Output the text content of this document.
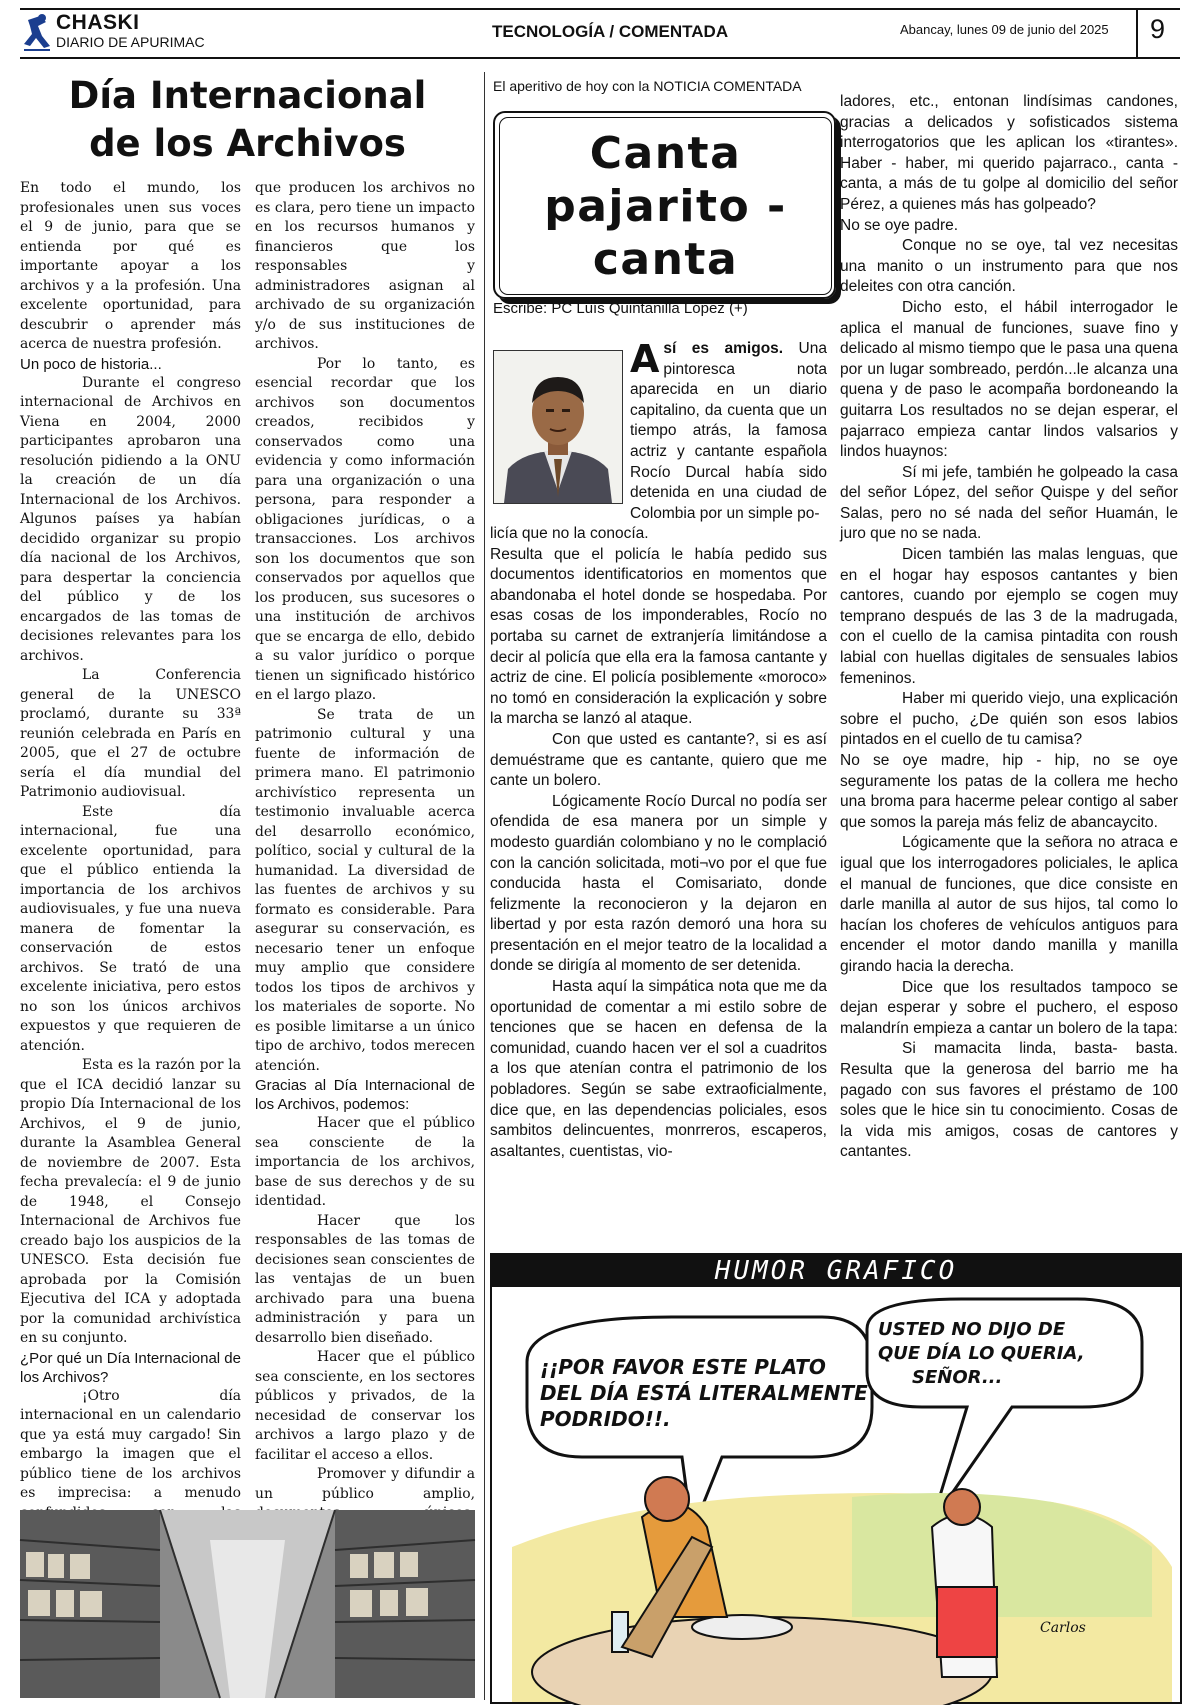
CHASKI
DIARIO DE APURIMAC
TECNOLOGÍA / COMENTADA	Abancay, lunes 09 de junio del 2025 9
Día Internacional
de los Archivos

En todo el mundo, los profesionales unen sus voces el 9 de junio, para que se entienda por qué es importante apoyar a los archivos y a la profesión. Una excelente oportunidad, para descubrir o aprender más acerca de nuestra profesión.

Un poco de historia...

Durante el congreso internacional de Archivos en Viena en 2004, 2000 participantes aprobaron una resolución pidiendo a la ONU la creación de un día Internacional de los Archivos. Algunos países ya habían decidido organizar su propio día nacional de los Archivos, para despertar la conciencia del público y de los encargados de las tomas de decisiones relevantes para los archivos.

La Conferencia general de la UNESCO proclamó, durante su 33ª reunión celebrada en París en 2005, que el 27 de octubre sería el día mundial del Patrimonio audiovisual.

Este día internacional, fue una excelente oportunidad, para que el público entienda la importancia de los archivos audiovisuales, y fue una nueva manera de fomentar la conservación de estos archivos. Se trató de una excelente iniciativa, pero estos no son los únicos archivos expuestos y que requieren de atención.

Esta es la razón por la que el ICA decidió lanzar su propio Día Internacional de los Archivos, el 9 de junio, durante la Asamblea General de noviembre de 2007. Esta fecha prevalecía: el 9 de junio de 1948, el Consejo Internacional de Archivos fue creado bajo los auspicios de la UNESCO. Esta decisión fue aprobada por la Comisión Ejecutiva del ICA y adoptada por la comunidad archivística en su conjunto.

¿Por qué un Día Internacional de los Archivos?

¡Otro día internacional en un calendario que ya está muy cargado! Sin embargo la imagen que el público tiene de los archivos es imprecisa: a menudo

que producen los archivos no es clara, pero tiene un impacto en los recursos humanos y financieros que los responsables y administradores asignan al archivado de su organización y/o de sus instituciones de archivos.

Por lo tanto, es esencial recordar que los archivos son documentos creados, recibidos y conservados como una evidencia y como información para una organización o una persona, para responder a obligaciones jurídicas, o a transacciones. Los archivos son los documentos que son conservados por aquellos que los producen, sus sucesores o una institución de archivos que se encarga de ello, debido a su valor jurídico o porque tienen un significado histórico en el largo plazo.

Se trata de un patrimonio cultural y una fuente de información de primera mano. El patrimonio archivístico representa un testimonio invaluable acerca del desarrollo económico, político, social y cultural de la humanidad. La diversidad de las fuentes de archivos y su formato es considerable. Para asegurar su conservación, es necesario tener un enfoque muy amplio que considere todos los tipos de archivos y los materiales de soporte. No es posible limitarse a un único tipo de archivo, todos merecen atención.

Gracias al Día Internacional de los Archivos, podemos:

Hacer que el público sea consciente de la importancia de los archivos, base de sus derechos y de su identidad.

Hacer que los responsables de las tomas de decisiones sean conscientes de las ventajas de un buen archivado para una buena administración y para un desarrollo bien diseñado.

Hacer que el público sea consciente, en los sectores públicos y privados, de la necesidad de conservar los archivos a largo plazo y de facilitar el acceso a ellos.

Promover y difundir a un público amplio,

El aperitivo de hoy con la NOTICIA COMENTADA
Canta
pajarito -
canta
Escribe: PC Luís Quintanilla López (+)
Así es amigos. Una pintoresca nota aparecida en un diario capitalino, da cuenta que un tiempo atrás, la famosa actriz y cantante española Rocío Durcal había sido detenida en una ciudad de Colombia por un simple po-

licía que no la conocía.

Resulta que el policía le había pedido sus documentos identificatorios en momentos que abandonaba el hotel donde se hospedaba. Por esas cosas de los imponderables, Rocío no portaba su carnet de extranjería limitándose a decir al policía que ella era la famosa cantante y actriz de cine. El policía posiblemente «moroco» no tomó en consideración la explicación y sobre la marcha se lanzó al ataque.

Con que usted es cantante?, si es así demuéstrame que es cantante, quiero que me cante un bolero.

Lógicamente Rocío Durcal no podía ser ofendida de esa manera por un simple y modesto guardián colombiano y no le complació con la canción solicitada, moti¬vo por el que fue conducida hasta el Comisariato, donde felizmente la reconocieron y la dejaron en libertad y por esta razón demoró una hora su presentación en el mejor teatro de la localidad a donde se dirigía al momento de ser detenida.

Hasta aquí la simpática nota que me da oportunidad de comentar a mi estilo sobre de tenciones que se hacen en defensa de la comunidad, cuando hacen ver el sol a cuadritos a los que atenían contra el patrimonio de los pobladores. Según se sabe extraoficialmente, dice que, en las dependencias policiales, esos sambitos delincuentes, monrreros, escaperos, asaltantes, cuentistas, vio-

ladores, etc., entonan lindísimas candones, gracias a delicados y sofisticados sistema interrogatorios que les aplican los «tirantes». Haber - haber, mi querido pajarraco., canta - canta, a más de tu golpe al domicilio del señor Pérez, a quienes más has golpeado?

No se oye padre.

Conque no se oye, tal vez necesitas una manito o un instrumento para que nos deleites con otra canción.

Dicho esto, el hábil interrogador le aplica el manual de funciones, suave fino y delicado al mismo tiempo que le pasa una quena por un lugar sombreado, perdón...le alcanza una quena y de paso le acompaña bordoneando la guitarra Los resultados no se dejan esperar, el pajarraco empieza cantar lindos valsarios y lindos huaynos:

Sí mi jefe, también he golpeado la casa del señor López, del señor Quispe y del señor Salas, pero no sé nada del señor Huamán, le juro que no se nada.

Dicen también las malas lenguas, que en el hogar hay esposos cantantes y bien cantores, cuando por ejemplo se cogen muy temprano después de las 3 de la madrugada, con el cuello de la camisa pintadita con roush labial con huellas digitales de sensuales labios femeninos.

Haber mi querido viejo, una explicación sobre el pucho, ¿De quién son esos labios pintados en el cuello de tu camisa?

No se oye madre, hip - hip, no se oye seguramente los patas de la collera me hecho una broma para hacerme pelear contigo al saber que somos la pareja más feliz de abancaycito.

Lógicamente que la señora no atraca e igual que los interrogadores policiales, le aplica el manual de funciones, que dice consiste en darle manilla al autor de sus hijos, tal como lo hacían los choferes de vehículos antiguos para encender el motor dando manilla y manilla girando hacia la derecha.

Dice que los resultados tampoco se dejan esperar y sobre el puchero, el esposo malandrín empieza a cantar un bolero de la tapa:

Si mamacita linda, basta- basta. Resulta que la generosa del barrio me ha pagado con sus favores el préstamo de 100 soles que le hice sin tu conocimiento. Cosas de la vida mis amigos, cosas de cantores y cantantes.

HUMOR GRAFICO
¡¡POR FAVOR ESTE PLATO
DEL DÍA ESTÁ LITERALMENTE
PODRIDO!!.
USTED NO DIJO DE
QUE DÍA LO QUERIA,
SEÑOR...
Carlos
